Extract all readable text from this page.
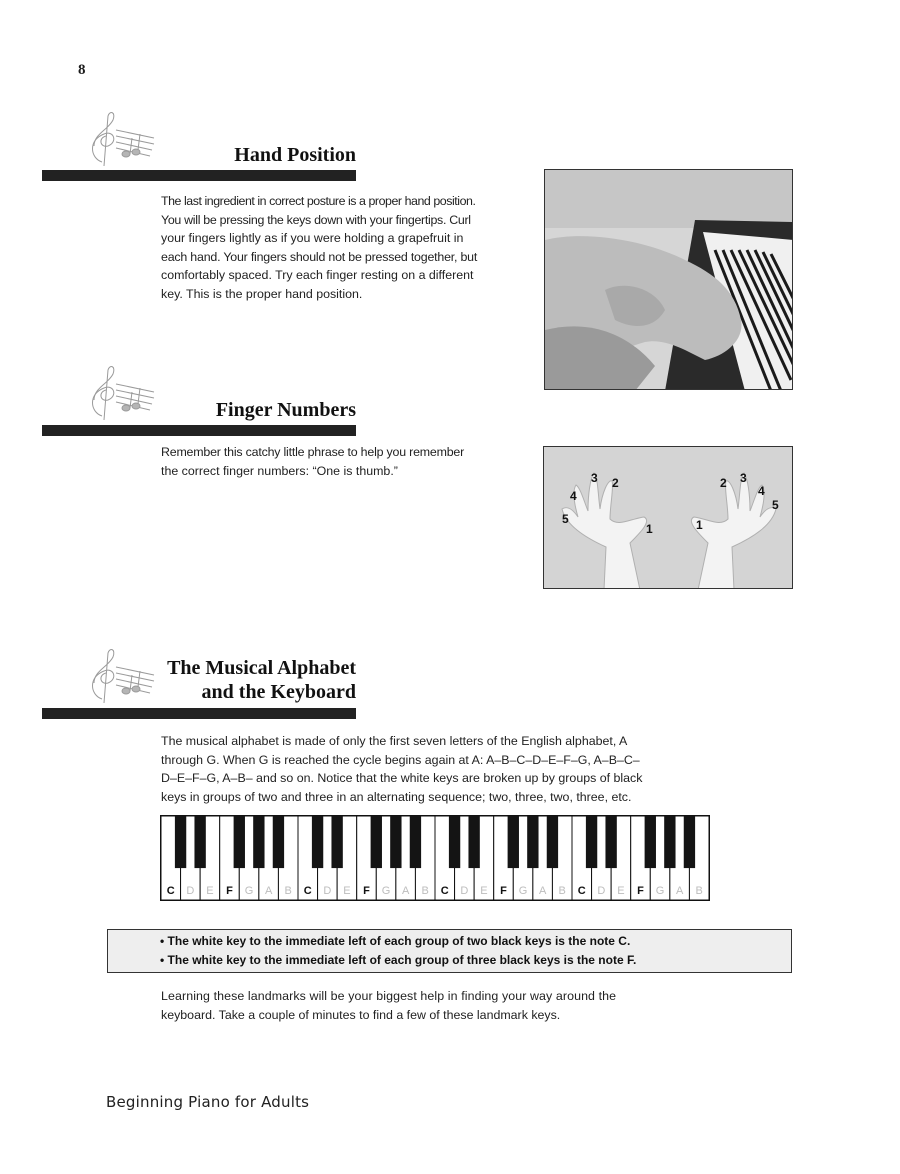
8
Hand Position
The last ingredient in correct posture is a proper hand position.
You will be pressing the keys down with your fingertips. Curl
your fingers lightly as if you were holding a grapefruit in
each hand. Your fingers should not be pressed together, but
comfortably spaced. Try each finger resting on a different
key. This is the proper hand position.
Finger Numbers
Remember this catchy little phrase to help you remember
the correct finger numbers: “One is thumb.”
5
4
3 2
1	1
2 3
4
5
The Musical Alphabet
and the Keyboard
The musical alphabet is made of only the first seven letters of the English alphabet, A
through G. When G is reached the cycle begins again at A: A–B–C–D–E–F–G, A–B–C–
D–E–F–G, A–B– and so on. Notice that the white keys are broken up by groups of black
keys in groups of two and three in an alternating sequence; two, three, two, three, etc.
C D E F G A B C D E F G A B C D E F G A B C D E F G A B
• The white key to the immediate left of each group of two black keys is the note C.
• The white key to the immediate left of each group of three black keys is the note F.
Learning these landmarks will be your biggest help in finding your way around the
keyboard. Take a couple of minutes to find a few of these landmark keys.
Beginning Piano for Adults
